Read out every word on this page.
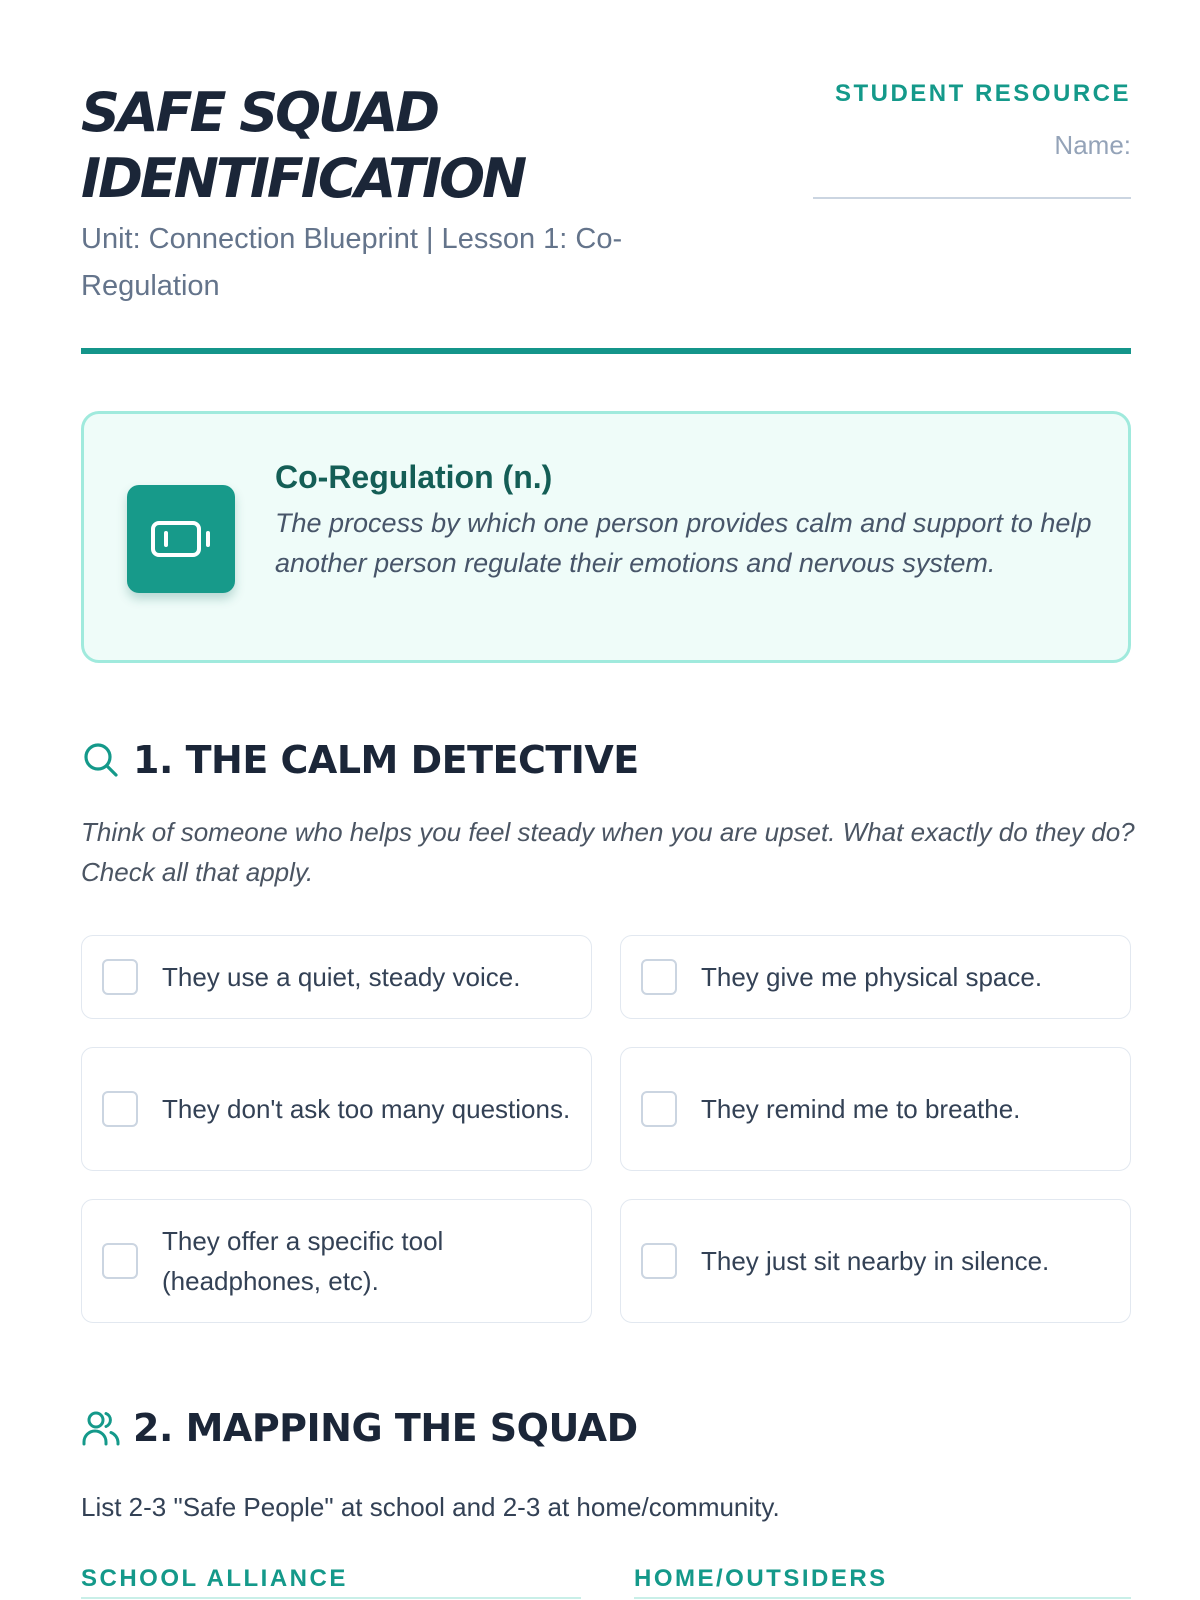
SAFE SQUAD
IDENTIFICATION
Unit: Connection Blueprint | Lesson 1: Co-Regulation
STUDENT RESOURCE
Name:
Co-Regulation (n.)
The process by which one person provides calm and support to help another person regulate their emotions and nervous system.
1. THE CALM DETECTIVE
Think of someone who helps you feel steady when you are upset. What exactly do they do? Check all that apply.
They use a quiet, steady voice.	They give me physical space.
They don't ask too many questions.	They remind me to breathe.
They offer a specific tool (headphones, etc).
They just sit nearby in silence.
2. MAPPING THE SQUAD
List 2-3 "Safe People" at school and 2-3 at home/community.
SCHOOL ALLIANCE	HOME/OUTSIDERS
